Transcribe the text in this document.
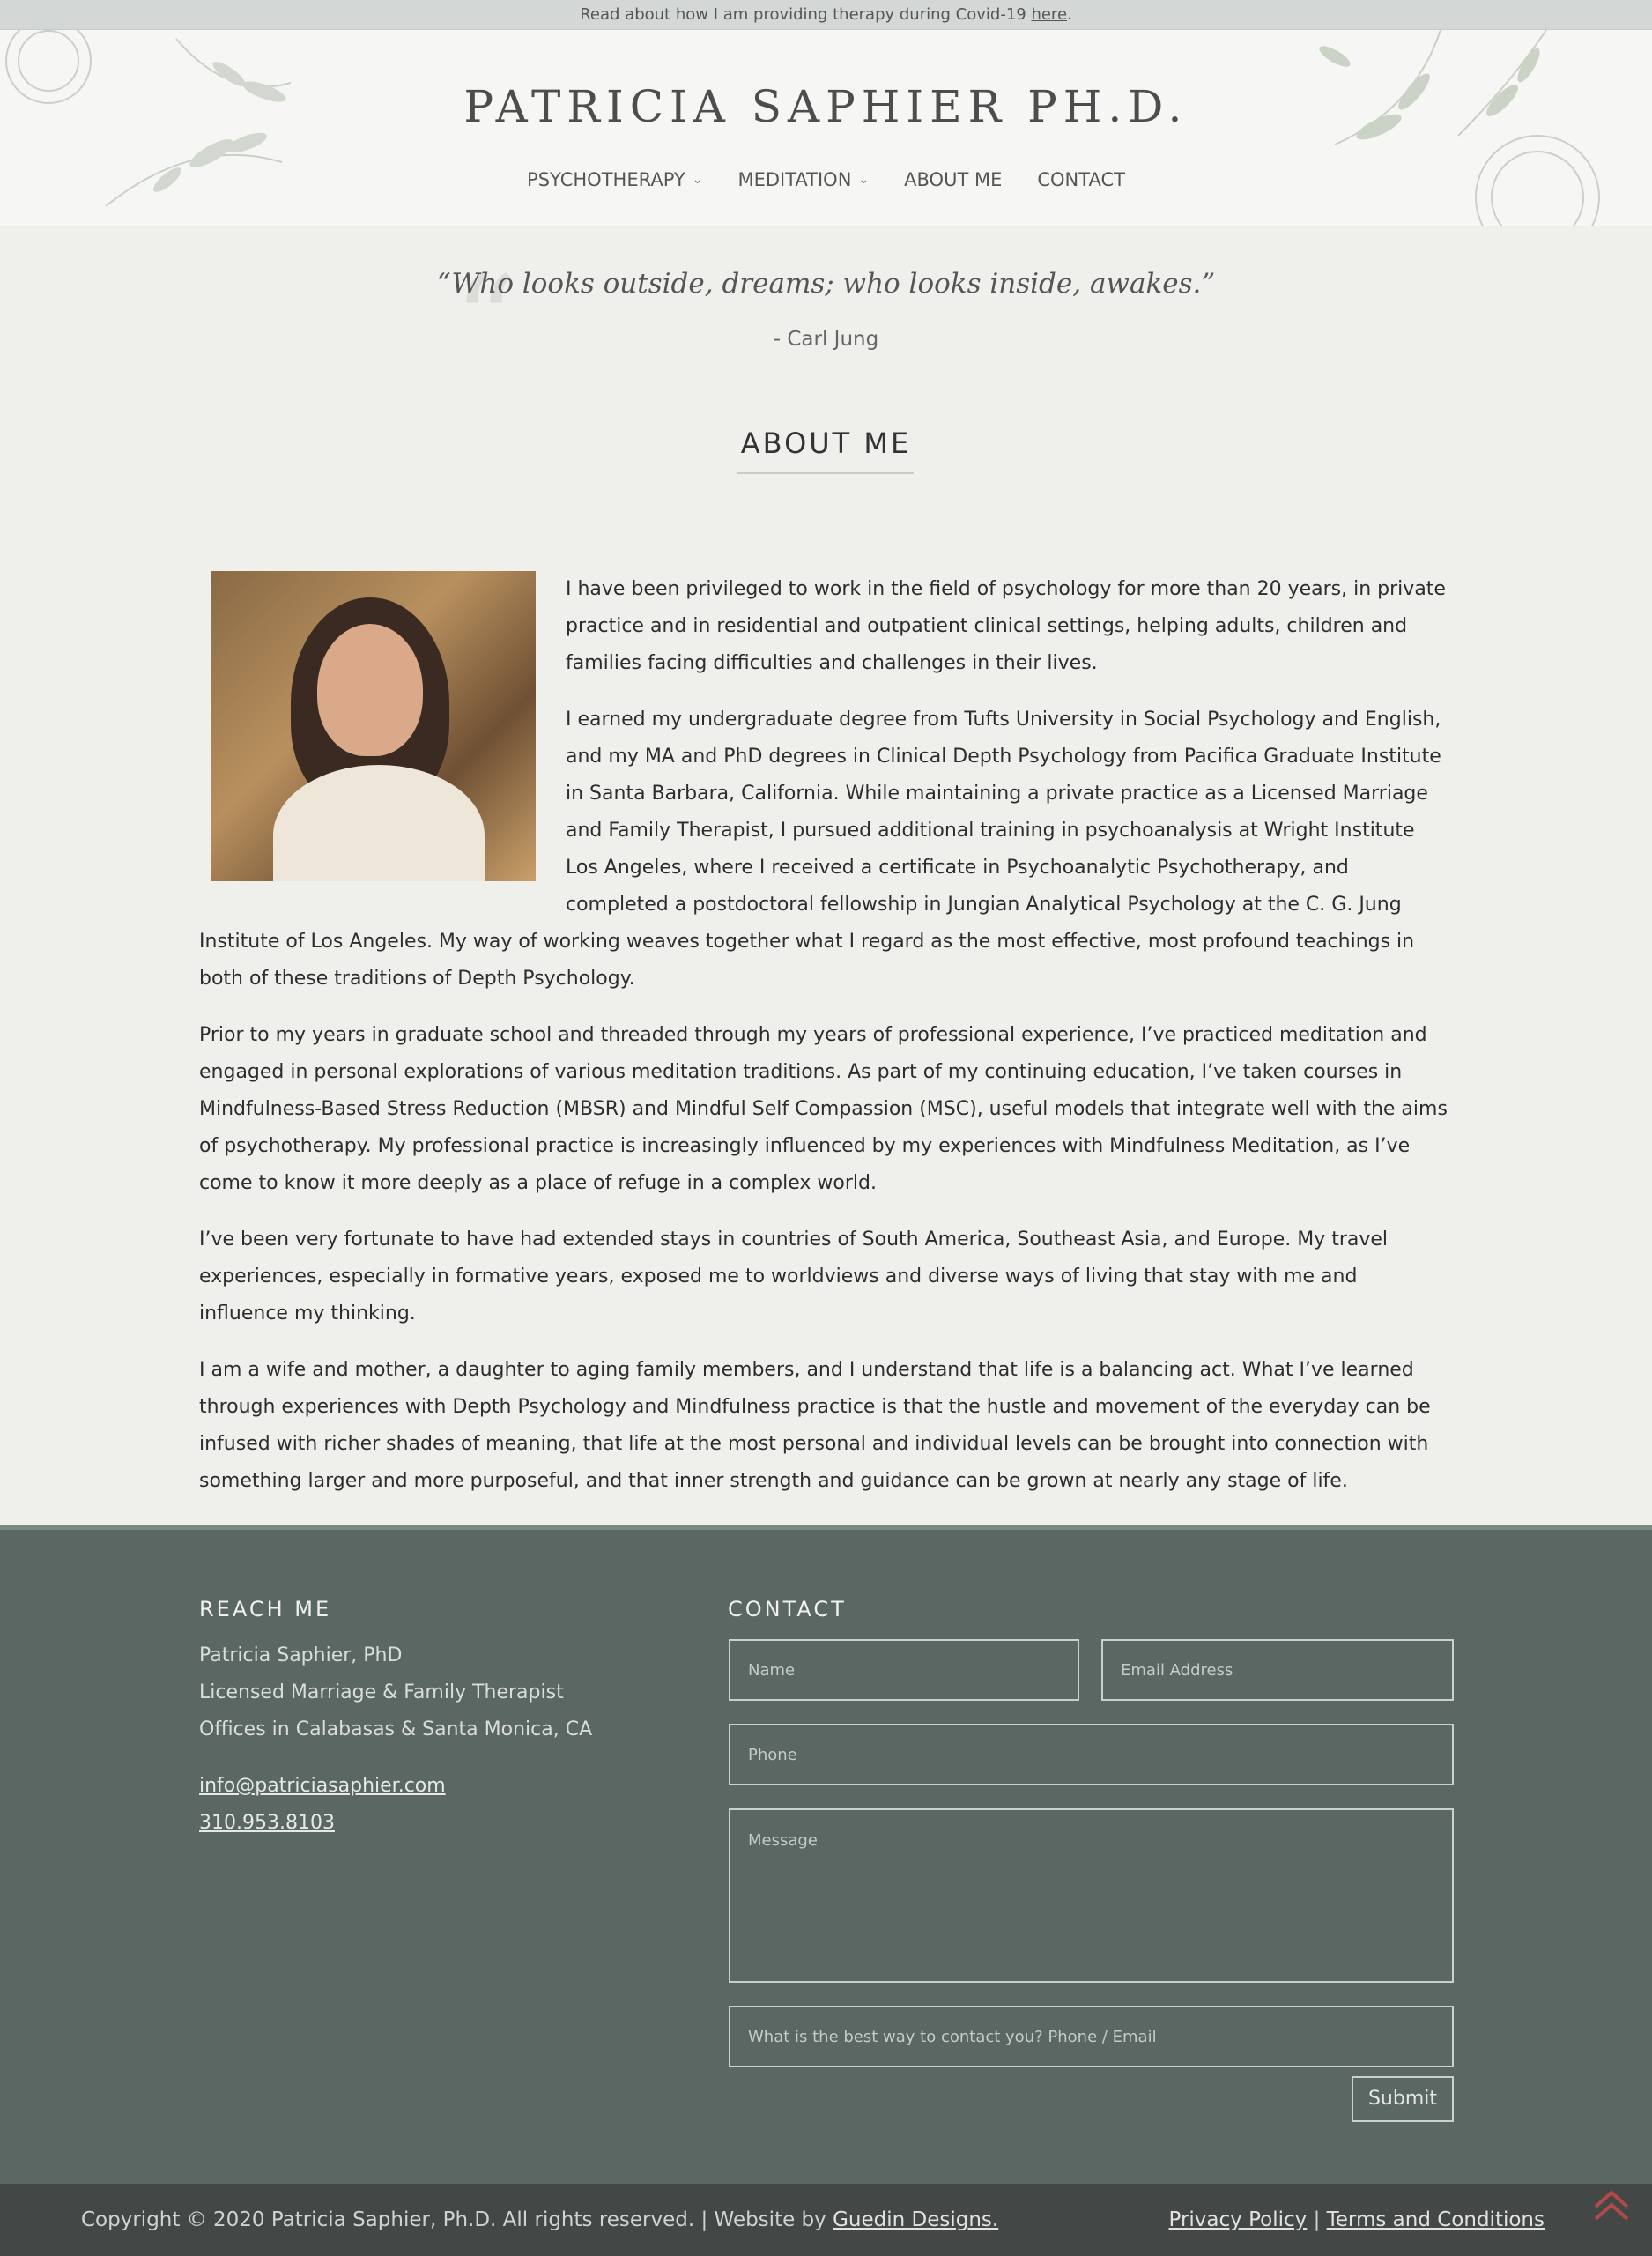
Read about how I am providing therapy during Covid-19 here.
PATRICIA SAPHIER PH.D.
PSYCHOTHERAPY ⌄ MEDITATION ⌄ ABOUT ME CONTACT
“
“Who looks outside, dreams; who looks inside, awakes.”
- Carl Jung
ABOUT ME

I have been privileged to work in the field of psychology for more than 20 years, in private practice and in residential and outpatient clinical settings, helping adults, children and families facing difficulties and challenges in their lives.

I earned my undergraduate degree from Tufts University in Social Psychology and English, and my MA and PhD degrees in Clinical Depth Psychology from Pacifica Graduate Institute in Santa Barbara, California. While maintaining a private practice as a Licensed Marriage and Family Therapist, I pursued additional training in psychoanalysis at Wright Institute Los Angeles, where I received a certificate in Psychoanalytic Psychotherapy, and completed a postdoctoral fellowship in Jungian Analytical Psychology at the C. G. Jung Institute of Los Angeles. My way of working weaves together what I regard as the most effective, most profound teachings in both of these traditions of Depth Psychology.

Prior to my years in graduate school and threaded through my years of professional experience, I’ve practiced meditation and engaged in personal explorations of various meditation traditions. As part of my continuing education, I’ve taken courses in Mindfulness-Based Stress Reduction (MBSR) and Mindful Self Compassion (MSC), useful models that integrate well with the aims of psychotherapy. My professional practice is increasingly influenced by my experiences with Mindfulness Meditation, as I’ve come to know it more deeply as a place of refuge in a complex world.

I’ve been very fortunate to have had extended stays in countries of South America, Southeast Asia, and Europe. My travel experiences, especially in formative years, exposed me to worldviews and diverse ways of living that stay with me and influence my thinking.

I am a wife and mother, a daughter to aging family members, and I understand that life is a balancing act. What I’ve learned through experiences with Depth Psychology and Mindfulness practice is that the hustle and movement of the everyday can be infused with richer shades of meaning, that life at the most personal and individual levels can be brought into connection with something larger and more purposeful, and that inner strength and guidance can be grown at nearly any stage of life.

REACH ME
Patricia Saphier, PhD
Licensed Marriage & Family Therapist
Offices in Calabasas & Santa Monica, CA
info@patriciasaphier.com
310.953.8103
CONTACT
Name	Email Address
Phone
Message
What is the best way to contact you? Phone / Email
Submit
Copyright © 2020 Patricia Saphier, Ph.D. All rights reserved. | Website by Guedin Designs.	Privacy Policy | Terms and Conditions
